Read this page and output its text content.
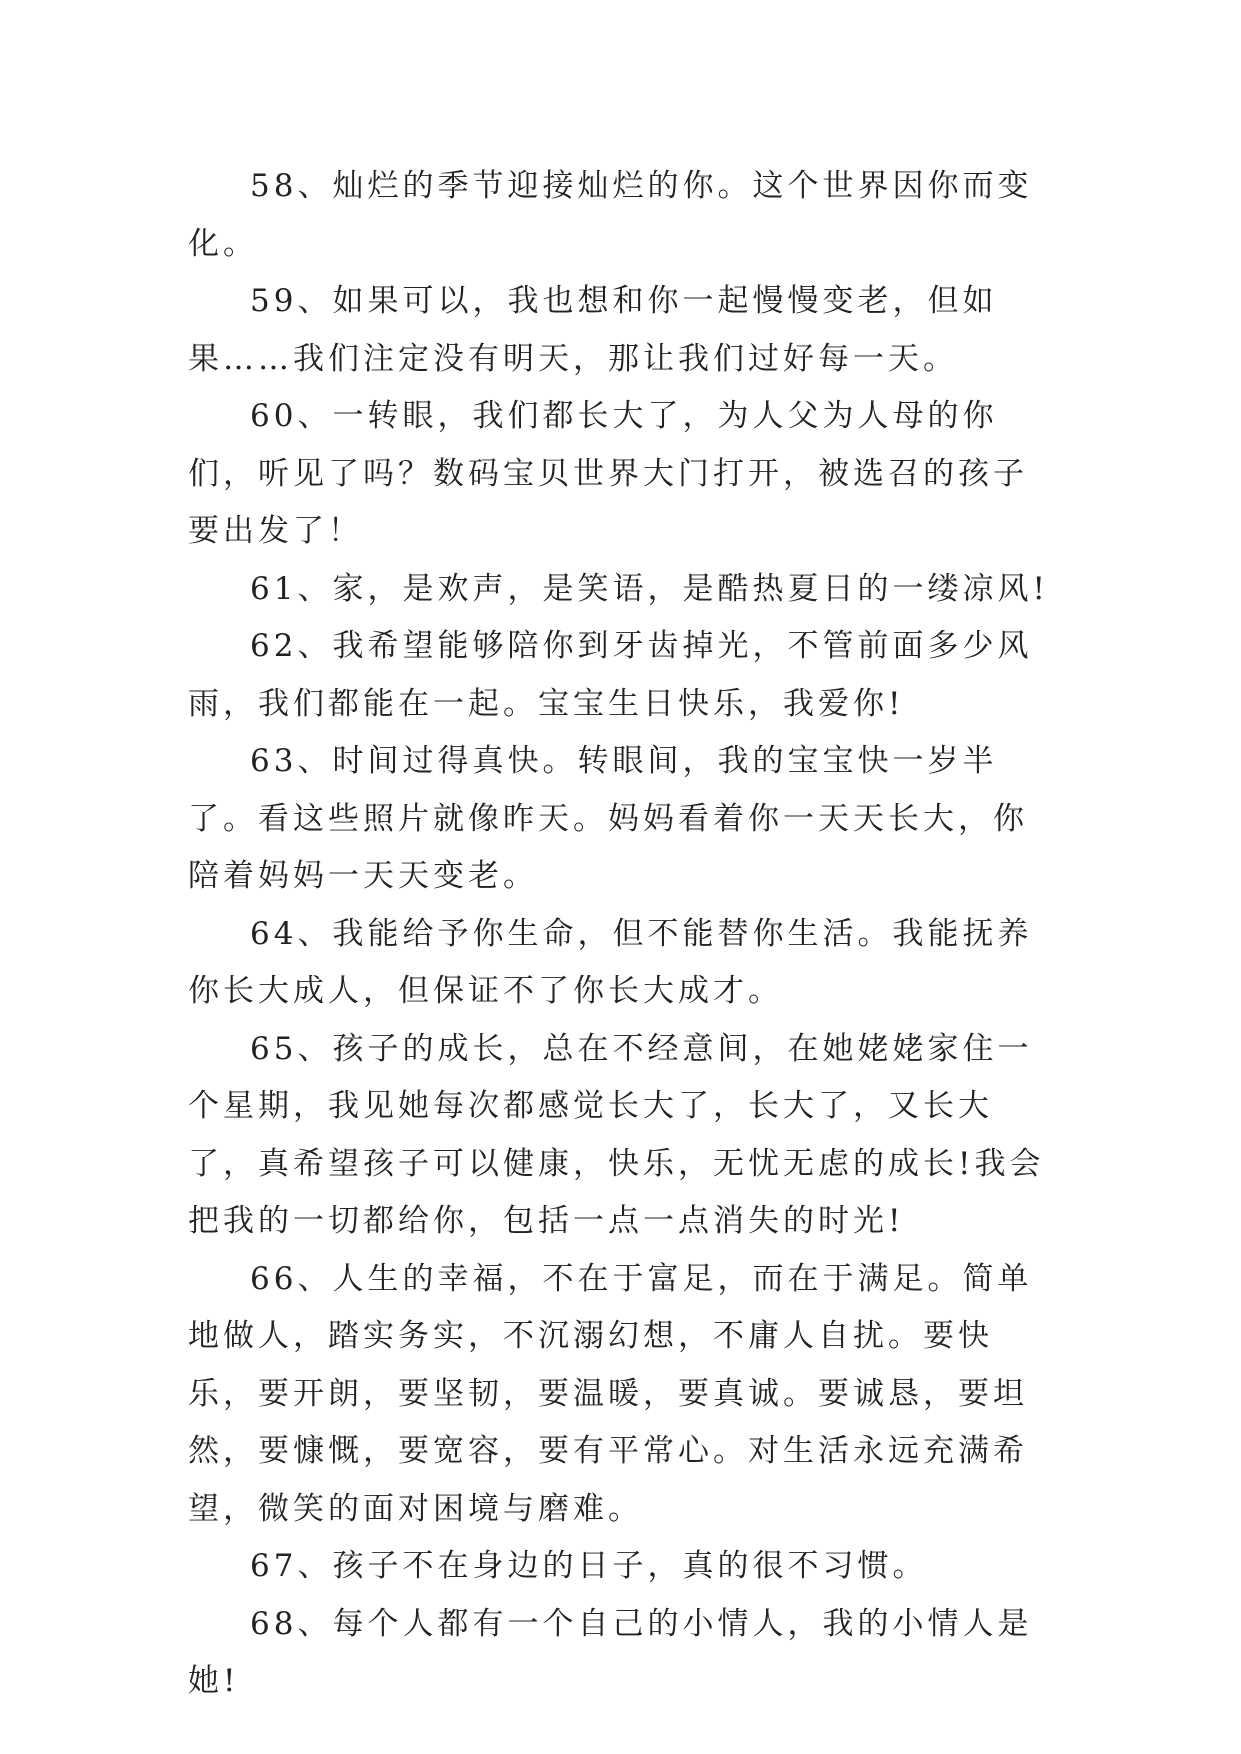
58、灿烂的季节迎接灿烂的你。这个世界因你而变化。

59、如果可以，我也想和你一起慢慢变老，但如果……我们注定没有明天，那让我们过好每一天。

60、一转眼，我们都长大了，为人父为人母的你们，听见了吗？数码宝贝世界大门打开，被选召的孩子要出发了！

61、家，是欢声，是笑语，是酷热夏日的一缕凉风!

62、我希望能够陪你到牙齿掉光，不管前面多少风雨，我们都能在一起。宝宝生日快乐，我爱你!

63、时间过得真快。转眼间，我的宝宝快一岁半了。看这些照片就像昨天。妈妈看着你一天天长大，你陪着妈妈一天天变老。

64、我能给予你生命，但不能替你生活。我能抚养你长大成人，但保证不了你长大成才。

65、孩子的成长，总在不经意间，在她姥姥家住一个星期，我见她每次都感觉长大了，长大了，又长大了，真希望孩子可以健康，快乐，无忧无虑的成长!我会把我的一切都给你，包括一点一点消失的时光!

66、人生的幸福，不在于富足，而在于满足。简单地做人，踏实务实，不沉溺幻想，不庸人自扰。要快乐，要开朗，要坚韧，要温暖，要真诚。要诚恳，要坦然，要慷慨，要宽容，要有平常心。对生活永远充满希望，微笑的面对困境与磨难。

67、孩子不在身边的日子，真的很不习惯。

68、每个人都有一个自己的小情人，我的小情人是她!
